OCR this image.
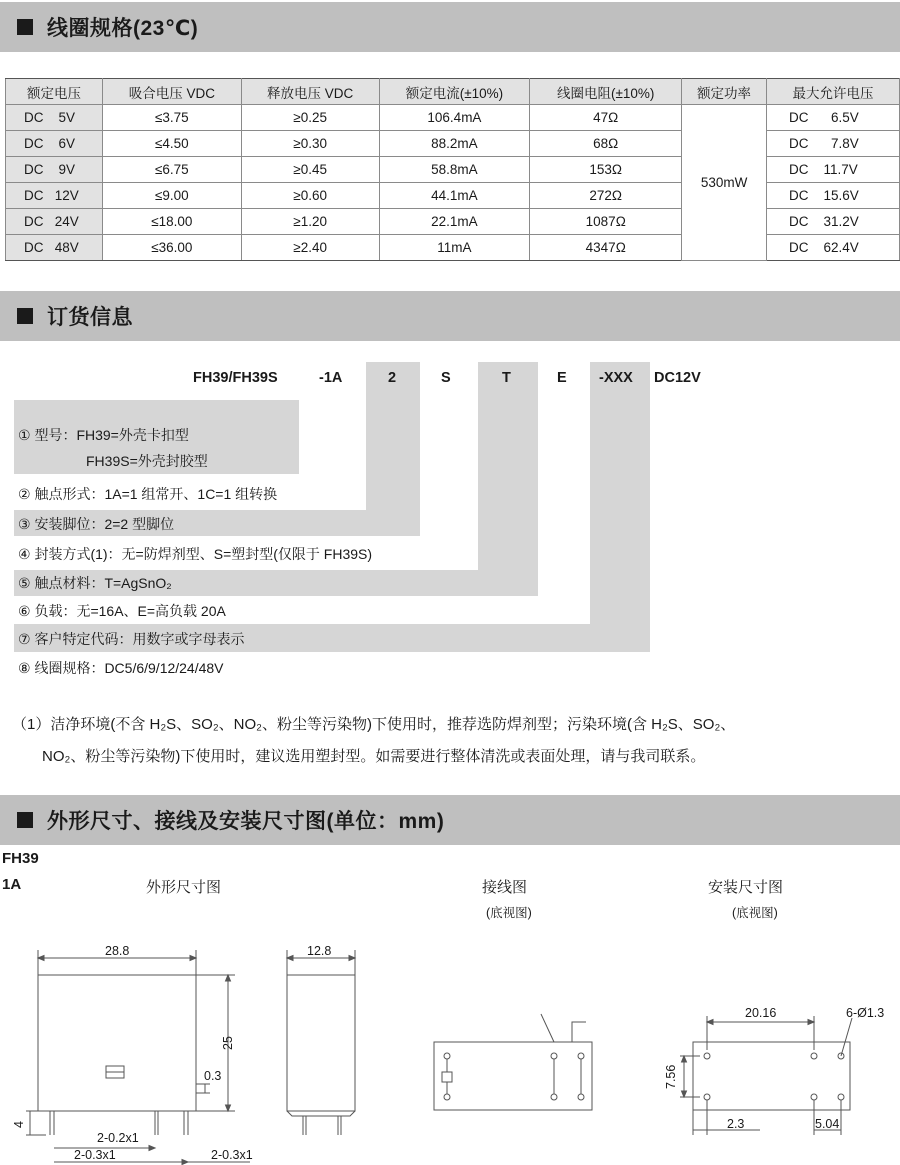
线圈规格(23℃)
额定电压	吸合电压 VDC	释放电压 VDC	额定电流(±10%)	线圈电阻(±10%)	额定功率	最大允许电压
DC    5V	≤3.75	≥0.25	106.4mA	47Ω	530mW	DC      6.5V
DC    6V	≤4.50	≥0.30	88.2mA	68Ω		DC      7.8V
DC    9V	≤6.75	≥0.45	58.8mA	153Ω		DC    11.7V
DC   12V	≤9.00	≥0.60	44.1mA	272Ω		DC    15.6V
DC   24V	≤18.00	≥1.20	22.1mA	1087Ω		DC    31.2V
DC   48V	≤36.00	≥2.40	11mA	4347Ω		DC    62.4V
订货信息
FH39/FH39S	-1A	2	S	T	E -XXX DC12V
① 型号：FH39=外壳卡扣型
FH39S=外壳封胶型
② 触点形式：1A=1 组常开、1C=1 组转换
③ 安装脚位：2=2 型脚位
④ 封装方式(1)：无=防焊剂型、S=塑封型(仅限于 FH39S)
⑤ 触点材料：T=AgSnO₂
⑥ 负载：无=16A、E=高负载 20A
⑦ 客户特定代码：用数字或字母表示
⑧ 线圈规格：DC5/6/9/12/24/48V
（1）洁净环境(不含 H₂S、SO₂、NO₂、粉尘等污染物)下使用时，推荐选防焊剂型；污染环境(含 H₂S、SO₂、
NO₂、粉尘等污染物)下使用时，建议选用塑封型。如需要进行整体清洗或表面处理，请与我司联系。
外形尺寸、接线及安装尺寸图(单位：mm)
FH39
1A	外形尺寸图	接线图
(底视图)
安装尺寸图
(底视图)
28.8	12.8
25
0.3
4
2-0.2x1
2-0.3x1	2-0.3x1
20.16	6-Ø1.3
7.56
2.3	5.04
